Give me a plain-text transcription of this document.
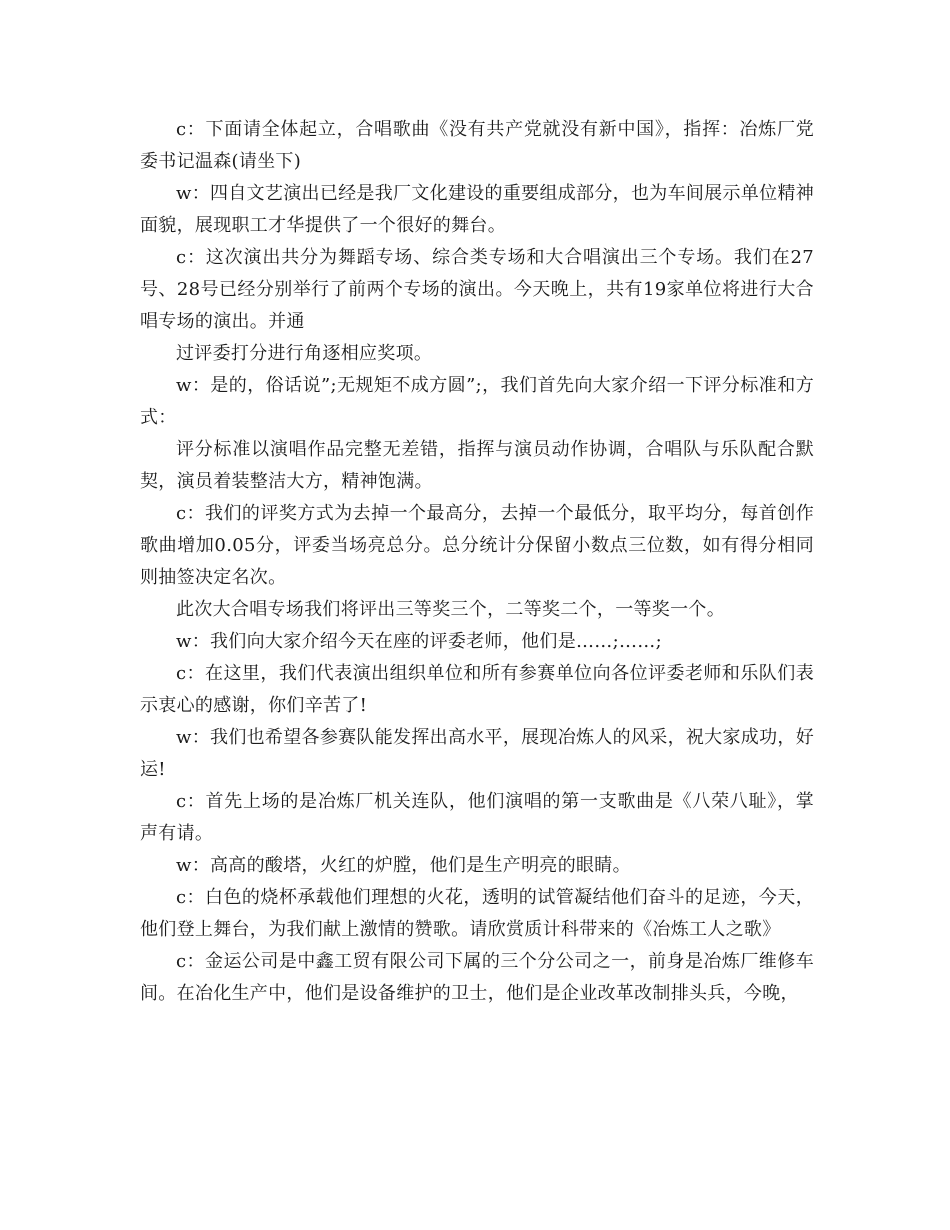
c：下面请全体起立，合唱歌曲《没有共产党就没有新中国》，指挥：冶炼厂党委书记温森(请坐下)

w：四自文艺演出已经是我厂文化建设的重要组成部分，也为车间展示单位精神面貌，展现职工才华提供了一个很好的舞台。

c：这次演出共分为舞蹈专场、综合类专场和大合唱演出三个专场。我们在27号、28号已经分别举行了前两个专场的演出。今天晚上，共有19家单位将进行大合唱专场的演出。并通

过评委打分进行角逐相应奖项。

w：是的，俗话说”;无规矩不成方圆”;，我们首先向大家介绍一下评分标准和方式：

评分标准以演唱作品完整无差错，指挥与演员动作协调，合唱队与乐队配合默契，演员着装整洁大方，精神饱满。

c：我们的评奖方式为去掉一个最高分，去掉一个最低分，取平均分，每首创作歌曲增加0.05分，评委当场亮总分。总分统计分保留小数点三位数，如有得分相同则抽签决定名次。

此次大合唱专场我们将评出三等奖三个，二等奖二个，一等奖一个。

w：我们向大家介绍今天在座的评委老师，他们是……;……;

c：在这里，我们代表演出组织单位和所有参赛单位向各位评委老师和乐队们表示衷心的感谢，你们辛苦了!

w：我们也希望各参赛队能发挥出高水平，展现冶炼人的风采，祝大家成功，好运!

c：首先上场的是冶炼厂机关连队，他们演唱的第一支歌曲是《八荣八耻》，掌声有请。

w：高高的酸塔，火红的炉膛，他们是生产明亮的眼睛。

c：白色的烧杯承载他们理想的火花，透明的试管凝结他们奋斗的足迹，今天，他们登上舞台，为我们献上激情的赞歌。请欣赏质计科带来的《冶炼工人之歌》

c：金运公司是中鑫工贸有限公司下属的三个分公司之一，前身是冶炼厂维修车间。在冶化生产中，他们是设备维护的卫士，他们是企业改革改制排头兵，今晚，
